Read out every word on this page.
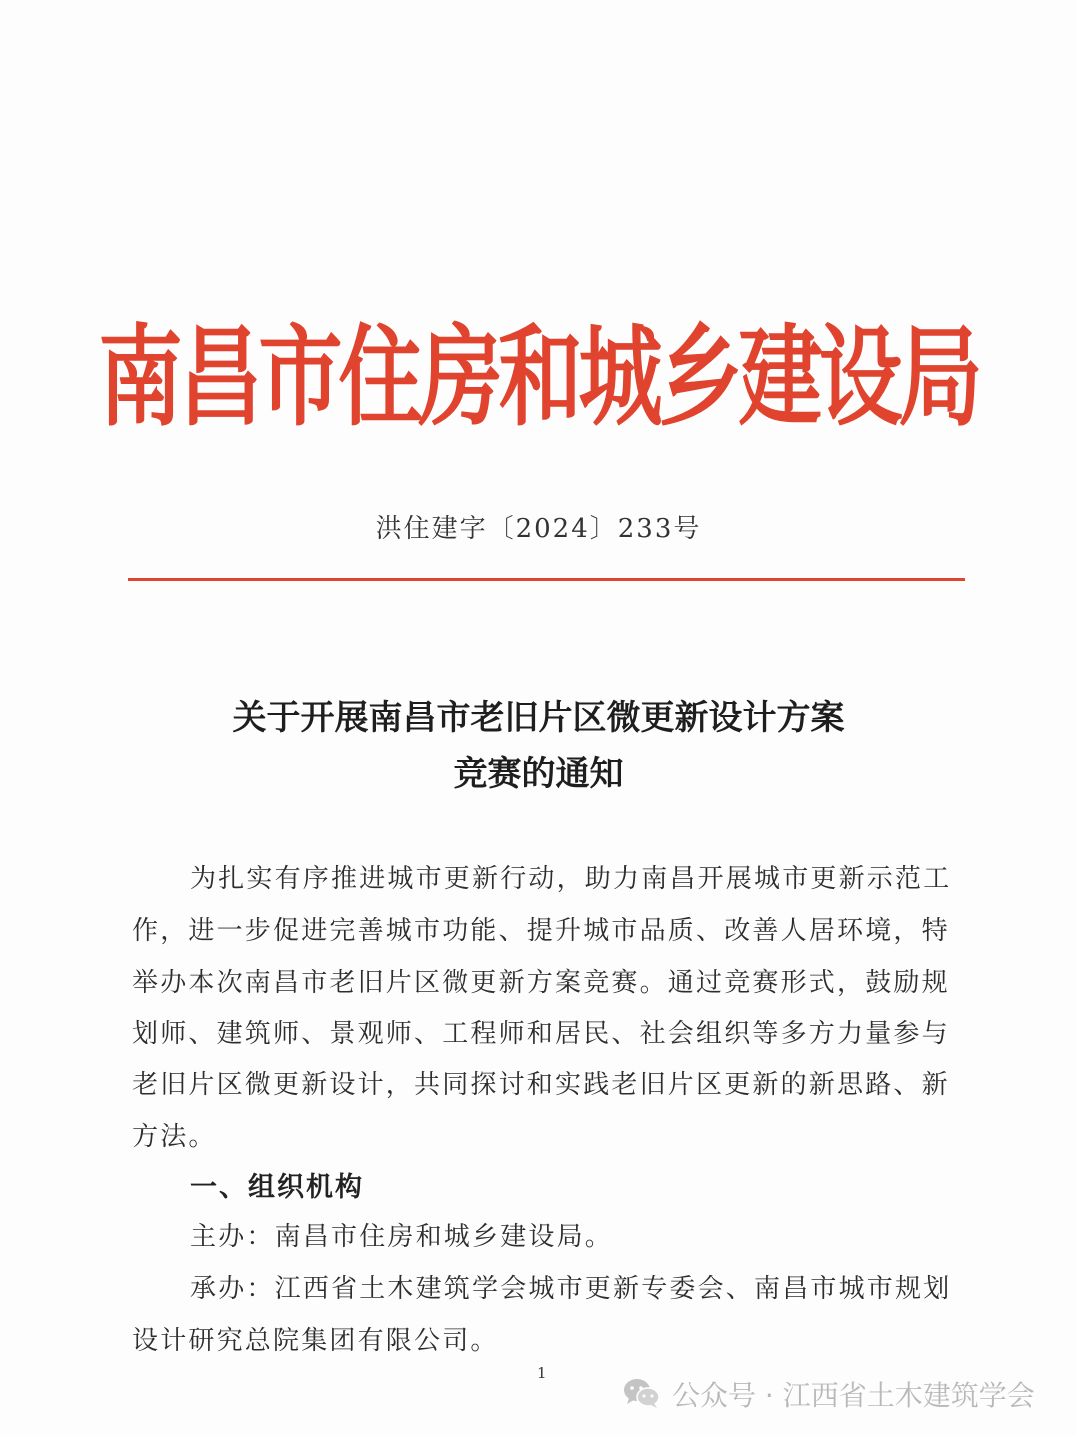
南昌市住房和城乡建设局
洪住建字〔2024〕233号
关于开展南昌市老旧片区微更新设计方案
竞赛的通知
为扎实有序推进城市更新行动，助力南昌开展城市更新示范工
作，进一步促进完善城市功能、提升城市品质、改善人居环境，特
举办本次南昌市老旧片区微更新方案竞赛。通过竞赛形式，鼓励规
划师、建筑师、景观师、工程师和居民、社会组织等多方力量参与
老旧片区微更新设计，共同探讨和实践老旧片区更新的新思路、新
方法。
一、组织机构
主办：南昌市住房和城乡建设局。
承办：江西省土木建筑学会城市更新专委会、南昌市城市规划
设计研究总院集团有限公司。
1
公众号 · 江西省土木建筑学会
